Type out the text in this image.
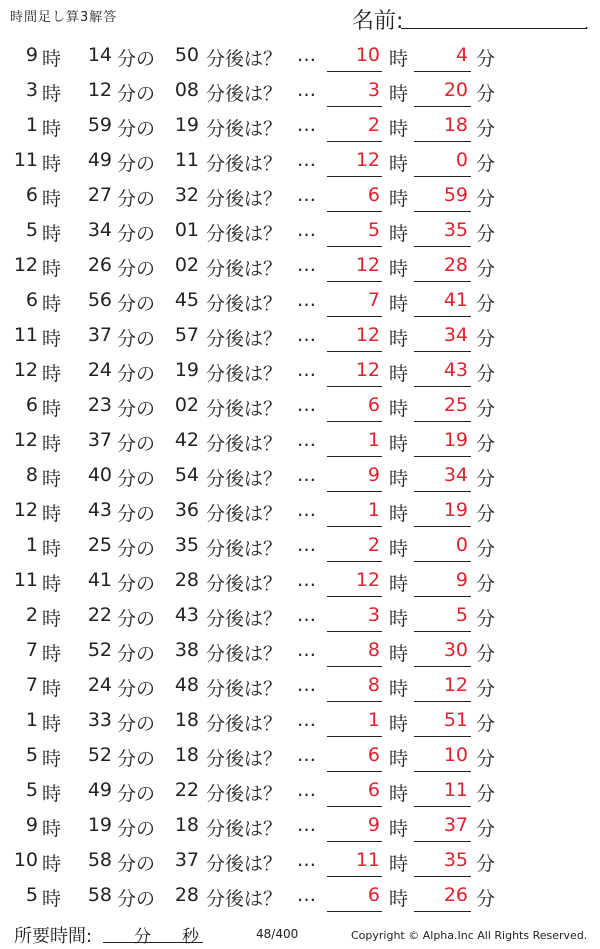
時間足し算3解答	名前:	.
9 時	14 分の	50 分後は？ …	10 時	4 分
3 時	12 分の	08 分後は？ …	3 時	20 分
1 時	59 分の	19 分後は？ …	2 時	18 分
11 時	49 分の	11 分後は？ …	12 時	0 分
6 時	27 分の	32 分後は？ …	6 時	59 分
5 時	34 分の	01 分後は？ …	5 時	35 分
12 時	26 分の	02 分後は？ …	12 時	28 分
6 時	56 分の	45 分後は？ …	7 時	41 分
11 時	37 分の	57 分後は？ …	12 時	34 分
12 時	24 分の	19 分後は？ …	12 時	43 分
6 時	23 分の	02 分後は？ …	6 時	25 分
12 時	37 分の	42 分後は？ …	1 時	19 分
8 時	40 分の	54 分後は？ …	9 時	34 分
12 時	43 分の	36 分後は？ …	1 時	19 分
1 時	25 分の	35 分後は？ …	2 時	0 分
11 時	41 分の	28 分後は？ …	12 時	9 分
2 時	22 分の	43 分後は？ …	3 時	5 分
7 時	52 分の	38 分後は？ …	8 時	30 分
7 時	24 分の	48 分後は？ …	8 時	12 分
1 時	33 分の	18 分後は？ …	1 時	51 分
5 時	52 分の	18 分後は？ …	6 時	10 分
5 時	49 分の	22 分後は？ …	6 時	11 分
9 時	19 分の	18 分後は？ …	9 時	37 分
10 時	58 分の	37 分後は？ …	11 時	35 分
5 時	58 分の	28 分後は？ …	6 時	26 分
所要時間: 分 秒	48/400	Copyright © Alpha.Inc All Rights Reserved.
